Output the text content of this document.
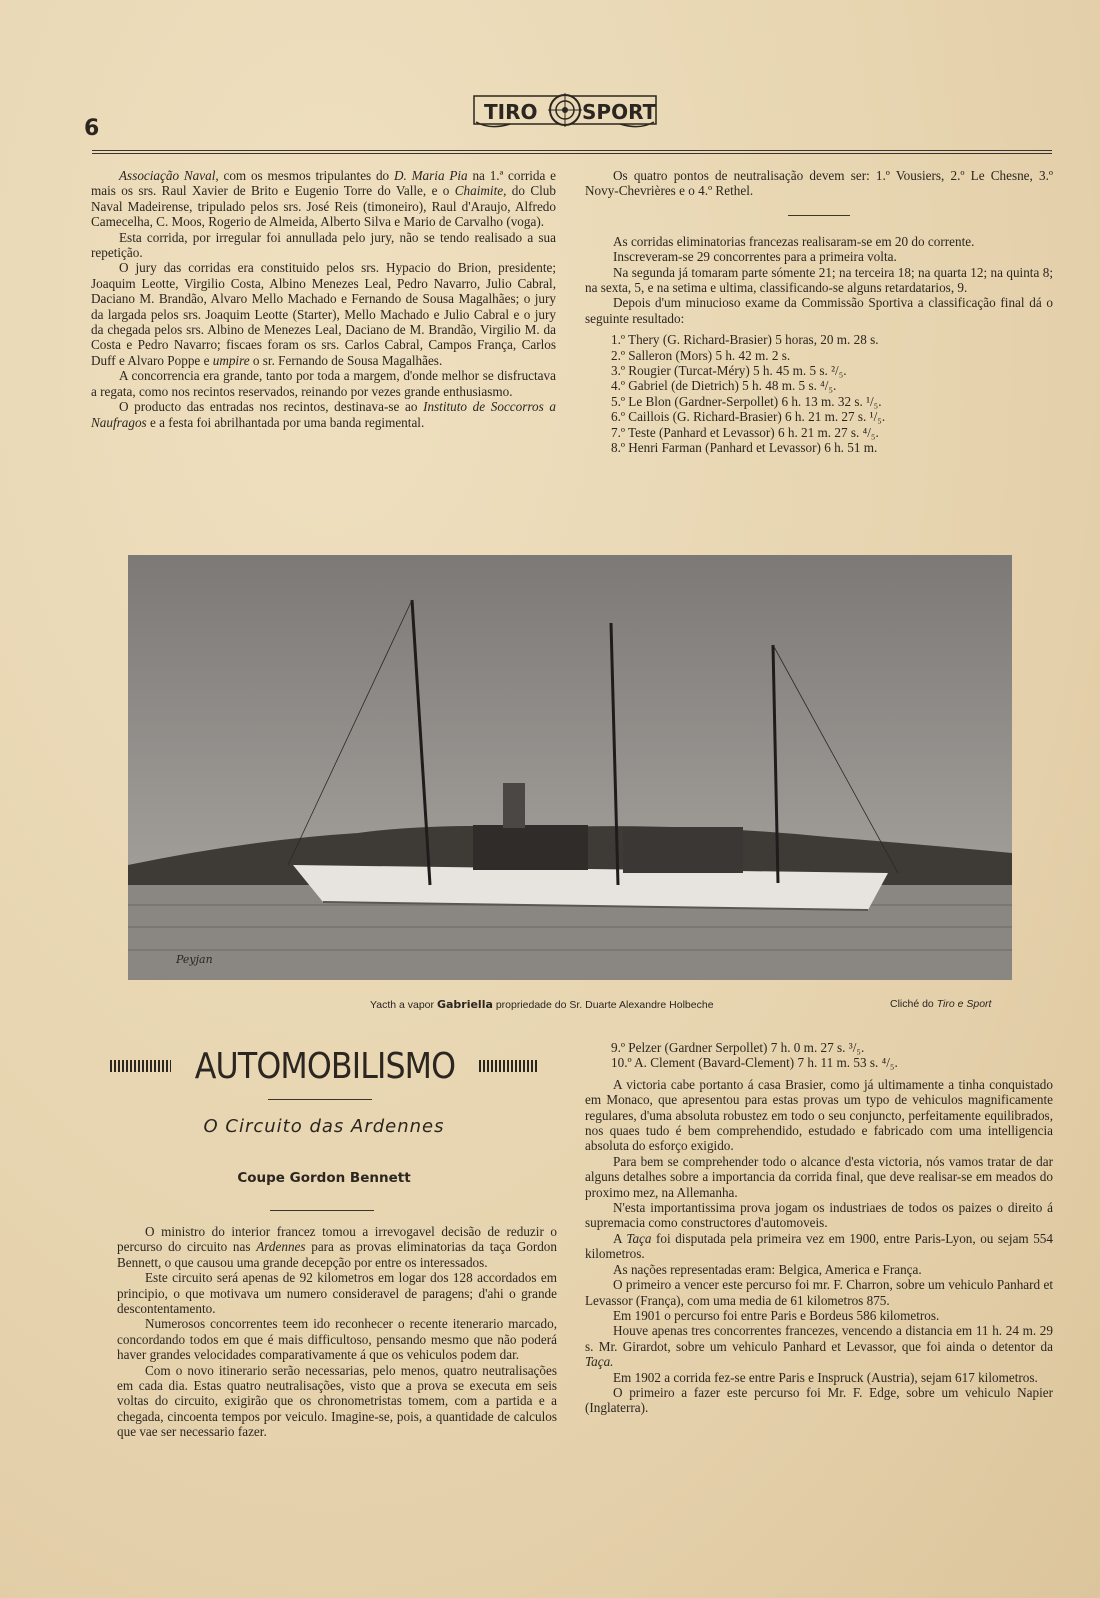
6
TIRO SPORT

Associação Naval, com os mesmos tripulantes do D. Maria Pia na 1.ª corrida e mais os srs. Raul Xavier de Brito e Eugenio Torre do Valle, e o Chaimite, do Club Naval Madeirense, tripulado pelos srs. José Reis (timoneiro), Raul d'Araujo, Alfredo Camecelha, C. Moos, Rogerio de Almeida, Alberto Silva e Mario de Carvalho (voga).

Esta corrida, por irregular foi annullada pelo jury, não se tendo realisado a sua repetição.

O jury das corridas era constituido pelos srs. Hypacio do Brion, presidente; Joaquim Leotte, Virgilio Costa, Albino Menezes Leal, Pedro Navarro, Julio Cabral, Daciano M. Brandão, Alvaro Mello Machado e Fernando de Sousa Magalhães; o jury da largada pelos srs. Joaquim Leotte (Starter), Mello Machado e Julio Cabral e o jury da chegada pelos srs. Albino de Menezes Leal, Daciano de M. Brandão, Virgilio M. da Costa e Pedro Navarro; fiscaes foram os srs. Carlos Cabral, Campos França, Carlos Duff e Alvaro Poppe e umpire o sr. Fernando de Sousa Magalhães.

A concorrencia era grande, tanto por toda a margem, d'onde melhor se disfructava a regata, como nos recintos reservados, reinando por vezes grande enthusiasmo.

O producto das entradas nos recintos, destinava-se ao Instituto de Soccorros a Naufragos e a festa foi abrilhantada por uma banda regimental.

Os quatro pontos de neutralisação devem ser: 1.º Vousiers, 2.º Le Chesne, 3.º Novy-Chevrières e o 4.º Rethel.

As corridas eliminatorias francezas realisaram-se em 20 do corrente.

Inscreveram-se 29 concorrentes para a primeira volta.

Na segunda já tomaram parte sómente 21; na terceira 18; na quarta 12; na quinta 8; na sexta, 5, e na setima e ultima, classificando-se alguns retardatarios, 9.

Depois d'um minucioso exame da Commissão Sportiva a classificação final dá o seguinte resultado:

1.º Thery (G. Richard-Brasier) 5 horas, 20 m. 28 s.
2.º Salleron (Mors) 5 h. 42 m. 2 s.
3.º Rougier (Turcat-Méry) 5 h. 45 m. 5 s. ²/₅.
4.º Gabriel (de Dietrich) 5 h. 48 m. 5 s. ⁴/₅.
5.º Le Blon (Gardner-Serpollet) 6 h. 13 m. 32 s. ¹/₅.
6.º Caillois (G. Richard-Brasier) 6 h. 21 m. 27 s. ¹/₅.
7.º Teste (Panhard et Levassor) 6 h. 21 m. 27 s. ⁴/₅.
8.º Henri Farman (Panhard et Levassor) 6 h. 51 m.
Peyjan
Yacth a vapor Gabriella propriedade do Sr. Duarte Alexandre Holbeche	Cliché do Tiro e Sport
AUTOMOBILISMO
O Circuito das Ardennes
Coupe Gordon Bennett

O ministro do interior francez tomou a irrevogavel decisão de reduzir o percurso do circuito nas Ardennes para as provas eliminatorias da taça Gordon Bennett, o que causou uma grande decepção por entre os interessados.

Este circuito será apenas de 92 kilometros em logar dos 128 accordados em principio, o que motivava um numero consideravel de paragens; d'ahi o grande descontentamento.

Numerosos concorrentes teem ido reconhecer o recente itenerario marcado, concordando todos em que é mais difficultoso, pensando mesmo que não poderá haver grandes velocidades comparativamente á que os vehiculos podem dar.

Com o novo itinerario serão necessarias, pelo menos, quatro neutralisações em cada dia. Estas quatro neutralisações, visto que a prova se executa em seis voltas do circuito, exigirão que os chronometristas tomem, com a partida e a chegada, cincoenta tempos por veiculo. Imagine-se, pois, a quantidade de calculos que vae ser necessario fazer.

9.º Pelzer (Gardner Serpollet) 7 h. 0 m. 27 s. ³/₅.
10.º A. Clement (Bavard-Clement) 7 h. 11 m. 53 s. ⁴/₅.

A victoria cabe portanto á casa Brasier, como já ultimamente a tinha conquistado em Monaco, que apresentou para estas provas um typo de vehiculos magnificamente regulares, d'uma absoluta robustez em todo o seu conjuncto, perfeitamente equilibrados, nos quaes tudo é bem comprehendido, estudado e fabricado com uma intelligencia absoluta do esforço exigido.

Para bem se comprehender todo o alcance d'esta victoria, nós vamos tratar de dar alguns detalhes sobre a importancia da corrida final, que deve realisar-se em meados do proximo mez, na Allemanha.

N'esta importantissima prova jogam os industriaes de todos os paizes o direito á supremacia como constructores d'automoveis.

A Taça foi disputada pela primeira vez em 1900, entre Paris-Lyon, ou sejam 554 kilometros.

As nações representadas eram: Belgica, America e França.

O primeiro a vencer este percurso foi mr. F. Charron, sobre um vehiculo Panhard et Levassor (França), com uma media de 61 kilometros 875.

Em 1901 o percurso foi entre Paris e Bordeus 586 kilometros.

Houve apenas tres concorrentes francezes, vencendo a distancia em 11 h. 24 m. 29 s. Mr. Girardot, sobre um vehiculo Panhard et Levassor, que foi ainda o detentor da Taça.

Em 1902 a corrida fez-se entre Paris e Inspruck (Austria), sejam 617 kilometros.

O primeiro a fazer este percurso foi Mr. F. Edge, sobre um vehiculo Napier (Inglaterra).
